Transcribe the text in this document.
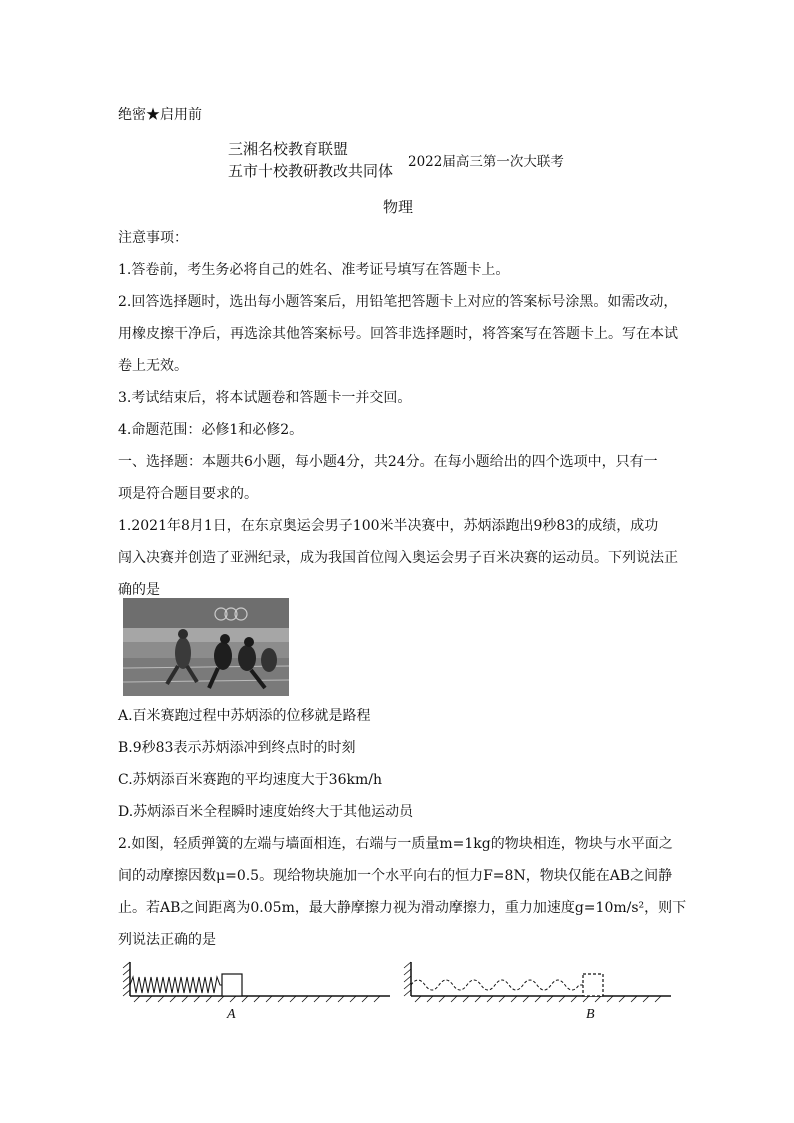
绝密★启用前
三湘名校教育联盟
五市十校教研教改共同体 2022届高三第一次大联考
物理
注意事项：
1.答卷前，考生务必将自己的姓名、准考证号填写在答题卡上。
2.回答选择题时，选出每小题答案后，用铅笔把答题卡上对应的答案标号涂黑。如需改动，
用橡皮擦干净后，再选涂其他答案标号。回答非选择题时，将答案写在答题卡上。写在本试
卷上无效。
3.考试结束后，将本试题卷和答题卡一并交回。
4.命题范围：必修1和必修2。
一、选择题：本题共6小题，每小题4分，共24分。在每小题给出的四个选项中，只有一
项是符合题目要求的。
1.2021年8月1日，在东京奥运会男子100米半决赛中，苏炳添跑出9秒83的成绩，成功
闯入决赛并创造了亚洲纪录，成为我国首位闯入奥运会男子百米决赛的运动员。下列说法正
确的是
A.百米赛跑过程中苏炳添的位移就是路程
B.9秒83表示苏炳添冲到终点时的时刻
C.苏炳添百米赛跑的平均速度大于36km/h
D.苏炳添百米全程瞬时速度始终大于其他运动员
2.如图，轻质弹簧的左端与墙面相连，右端与一质量m=1kg的物块相连，物块与水平面之
间的动摩擦因数μ=0.5。现给物块施加一个水平向右的恒力F=8N，物块仅能在AB之间静
止。若AB之间距离为0.05m，最大静摩擦力视为滑动摩擦力，重力加速度g=10m/s²，则下
列说法正确的是
A	B
